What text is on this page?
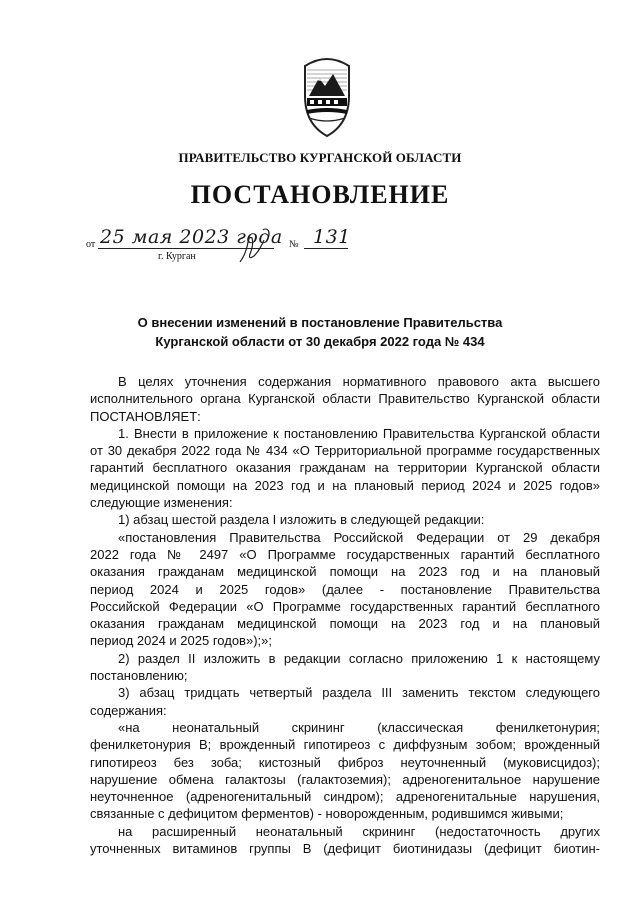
ПРАВИТЕЛЬСТВО КУРГАНСКОЙ ОБЛАСТИ
ПОСТАНОВЛЕНИЕ
от 25 мая 2023 года № 131
г. Курган
О внесении изменений в постановление Правительства
Курганской области от 30 декабря 2022 года № 434
В целях уточнения содержания нормативного правового акта высшего
исполнительного органа Курганской области Правительство Курганской области
ПОСТАНОВЛЯЕТ:
1. Внести в приложение к постановлению Правительства Курганской области
от 30 декабря 2022 года № 434 «О Территориальной программе государственных
гарантий бесплатного оказания гражданам на территории Курганской области
медицинской помощи на 2023 год и на плановый период 2024 и 2025 годов»
следующие изменения:
1) абзац шестой раздела I изложить в следующей редакции:
«постановления Правительства Российской Федерации от 29 декабря
2022 года № 2497 «О Программе государственных гарантий бесплатного
оказания гражданам медицинской помощи на 2023 год и на плановый
период 2024 и 2025 годов» (далее - постановление Правительства
Российской Федерации «О Программе государственных гарантий бесплатного
оказания гражданам медицинской помощи на 2023 год и на плановый
период 2024 и 2025 годов»);»;
2) раздел II изложить в редакции согласно приложению 1 к настоящему
постановлению;
3) абзац тридцать четвертый раздела III заменить текстом следующего
содержания:
«на неонатальный скрининг (классическая фенилкетонурия;
фенилкетонурия B; врожденный гипотиреоз с диффузным зобом; врожденный
гипотиреоз без зоба; кистозный фиброз неуточненный (муковисцидоз);
нарушение обмена галактозы (галактоземия); адреногенитальное нарушение
неуточненное (адреногенитальный синдром); адреногенитальные нарушения,
связанные с дефицитом ферментов) - новорожденным, родившимся живыми;
на расширенный неонатальный скрининг (недостаточность других
уточненных витаминов группы B (дефицит биотинидазы (дефицит биотин-
